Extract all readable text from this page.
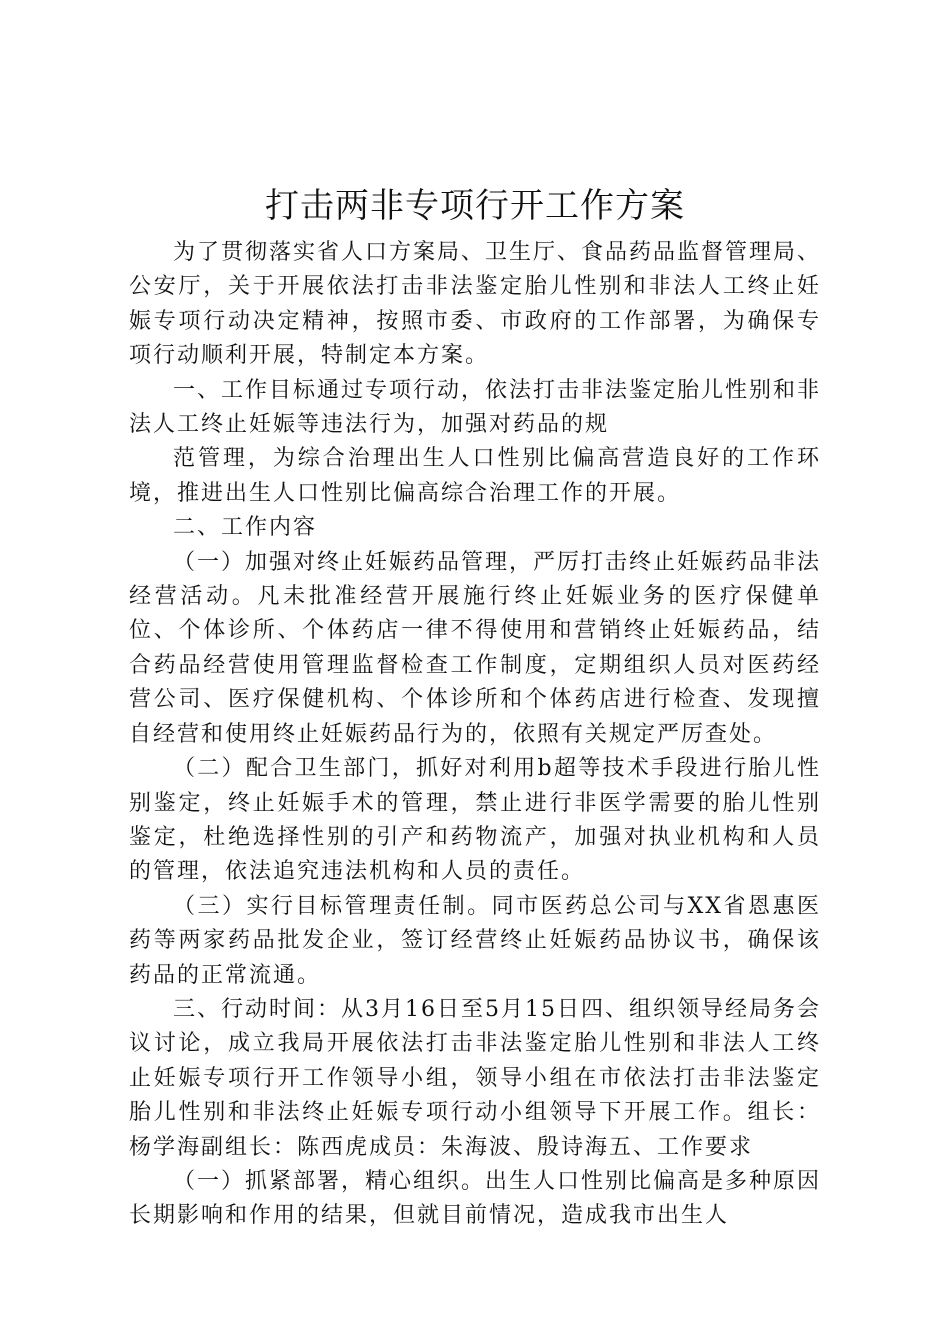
打击两非专项行开工作方案

为了贯彻落实省人口方案局、卫生厅、食品药品监督管理局、公安厅，关于开展依法打击非法鉴定胎儿性别和非法人工终止妊娠专项行动决定精神，按照市委、市政府的工作部署，为确保专项行动顺利开展，特制定本方案。

一、工作目标通过专项行动，依法打击非法鉴定胎儿性别和非法人工终止妊娠等违法行为，加强对药品的规

范管理，为综合治理出生人口性别比偏高营造良好的工作环境，推进出生人口性别比偏高综合治理工作的开展。

二、工作内容

（一）加强对终止妊娠药品管理，严厉打击终止妊娠药品非法经营活动。凡未批准经营开展施行终止妊娠业务的医疗保健单位、个体诊所、个体药店一律不得使用和营销终止妊娠药品，结合药品经营使用管理监督检查工作制度，定期组织人员对医药经营公司、医疗保健机构、个体诊所和个体药店进行检查、发现擅自经营和使用终止妊娠药品行为的，依照有关规定严厉查处。

（二）配合卫生部门，抓好对利用b超等技术手段进行胎儿性别鉴定，终止妊娠手术的管理，禁止进行非医学需要的胎儿性别鉴定，杜绝选择性别的引产和药物流产，加强对执业机构和人员的管理，依法追究违法机构和人员的责任。

（三）实行目标管理责任制。同市医药总公司与XX省恩惠医药等两家药品批发企业，签订经营终止妊娠药品协议书，确保该药品的正常流通。

三、行动时间：从3月16日至5月15日四、组织领导经局务会议讨论，成立我局开展依法打击非法鉴定胎儿性别和非法人工终止妊娠专项行开工作领导小组，领导小组在市依法打击非法鉴定胎儿性别和非法终止妊娠专项行动小组领导下开展工作。组长：杨学海副组长：陈西虎成员：朱海波、殷诗海五、工作要求

（一）抓紧部署，精心组织。出生人口性别比偏高是多种原因长期影响和作用的结果，但就目前情况，造成我市出生人
